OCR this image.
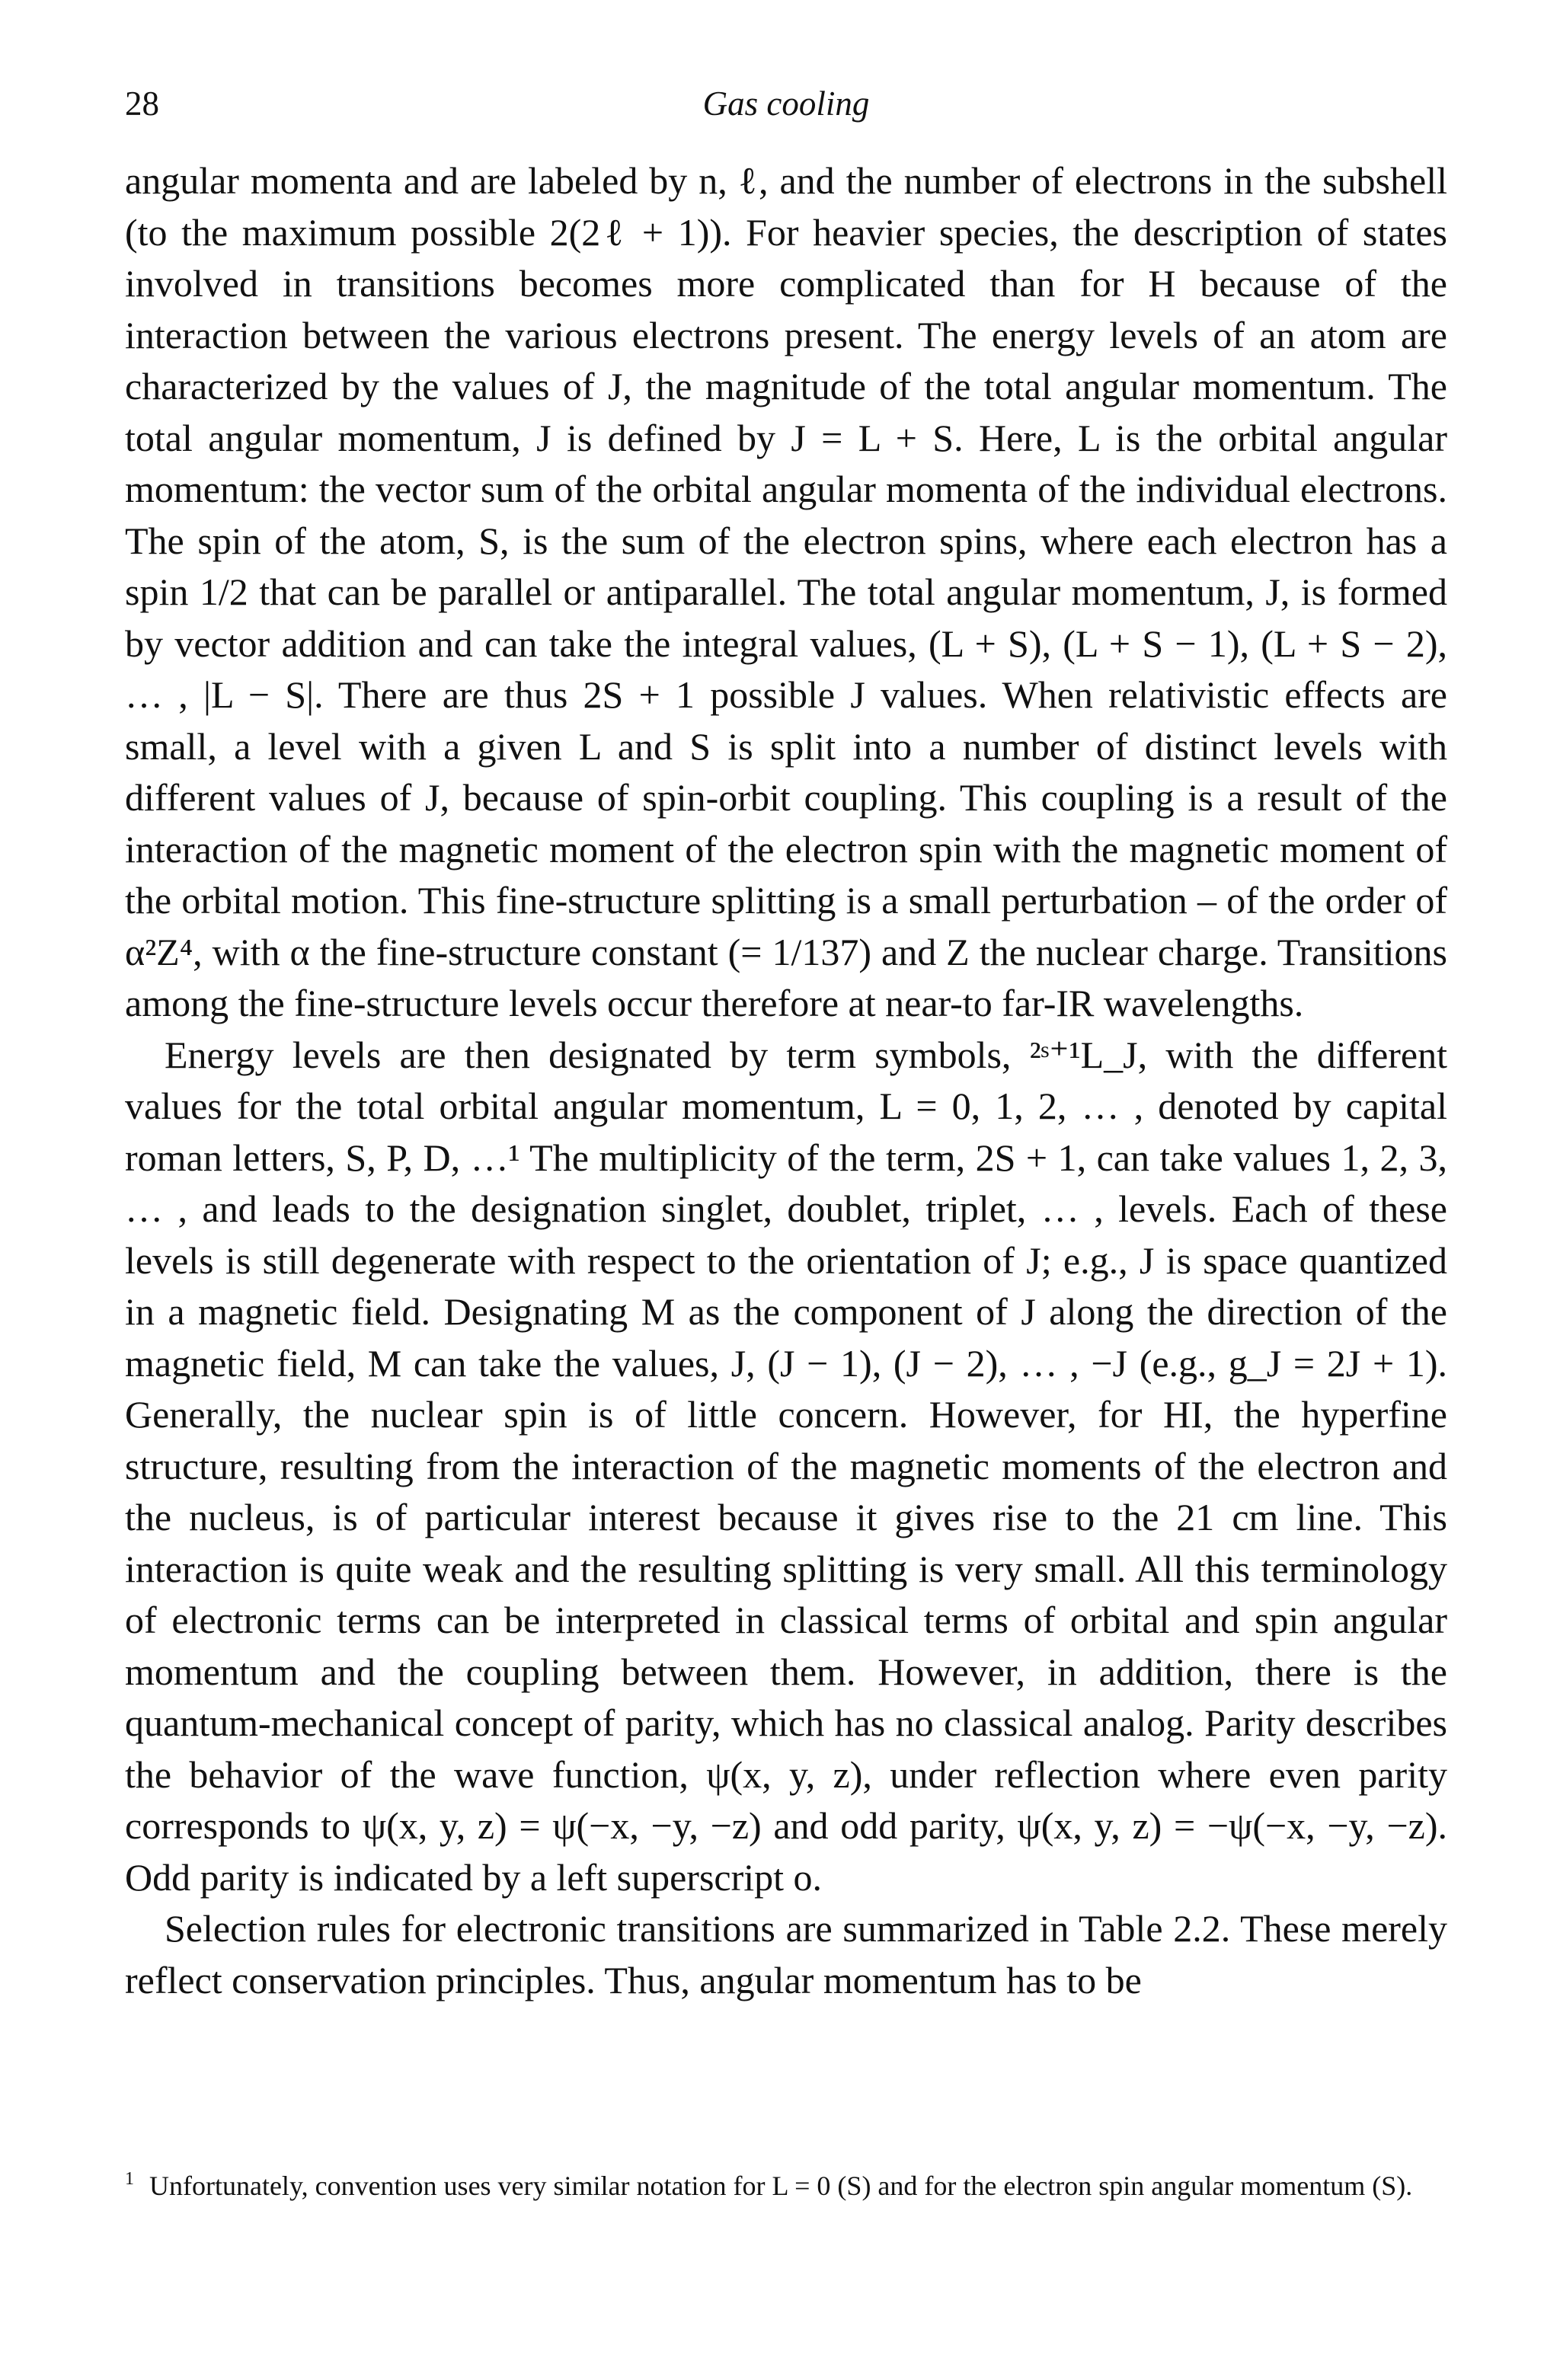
28	Gas cooling

angular momenta and are labeled by n, ℓ, and the number of electrons in the subshell (to the maximum possible 2(2ℓ + 1)). For heavier species, the description of states involved in transitions becomes more complicated than for H because of the interaction between the various electrons present. The energy levels of an atom are characterized by the values of J, the magnitude of the total angular momentum. The total angular momentum, J is defined by J = L + S. Here, L is the orbital angular momentum: the vector sum of the orbital angular momenta of the individual electrons. The spin of the atom, S, is the sum of the electron spins, where each electron has a spin 1/2 that can be parallel or antiparallel. The total angular momentum, J, is formed by vector addition and can take the integral values, (L + S), (L + S − 1), (L + S − 2), … , |L − S|. There are thus 2S + 1 possible J values. When relativistic effects are small, a level with a given L and S is split into a number of distinct levels with different values of J, because of spin-orbit coupling. This coupling is a result of the interaction of the magnetic moment of the electron spin with the magnetic moment of the orbital motion. This fine-structure splitting is a small perturbation – of the order of α²Z⁴, with α the fine-structure constant (= 1/137) and Z the nuclear charge. Transitions among the fine-structure levels occur therefore at near-to far-IR wavelengths.

Energy levels are then designated by term symbols, ²ˢ⁺¹L_J, with the different values for the total orbital angular momentum, L = 0, 1, 2, … , denoted by capital roman letters, S, P, D, …¹ The multiplicity of the term, 2S + 1, can take values 1, 2, 3, … , and leads to the designation singlet, doublet, triplet, … , levels. Each of these levels is still degenerate with respect to the orientation of J; e.g., J is space quantized in a magnetic field. Designating M as the component of J along the direction of the magnetic field, M can take the values, J, (J − 1), (J − 2), … , −J (e.g., g_J = 2J + 1). Generally, the nuclear spin is of little concern. However, for HI, the hyperfine structure, resulting from the interaction of the magnetic moments of the electron and the nucleus, is of particular interest because it gives rise to the 21 cm line. This interaction is quite weak and the resulting splitting is very small. All this terminology of electronic terms can be interpreted in classical terms of orbital and spin angular momentum and the coupling between them. However, in addition, there is the quantum-mechanical concept of parity, which has no classical analog. Parity describes the behavior of the wave function, ψ(x, y, z), under reflection where even parity corresponds to ψ(x, y, z) = ψ(−x, −y, −z) and odd parity, ψ(x, y, z) = −ψ(−x, −y, −z). Odd parity is indicated by a left superscript o.

Selection rules for electronic transitions are summarized in Table 2.2. These merely reflect conservation principles. Thus, angular momentum has to be

$^1$ Unfortunately, convention uses very similar notation for L = 0 (S) and for the electron spin angular momentum (S).
